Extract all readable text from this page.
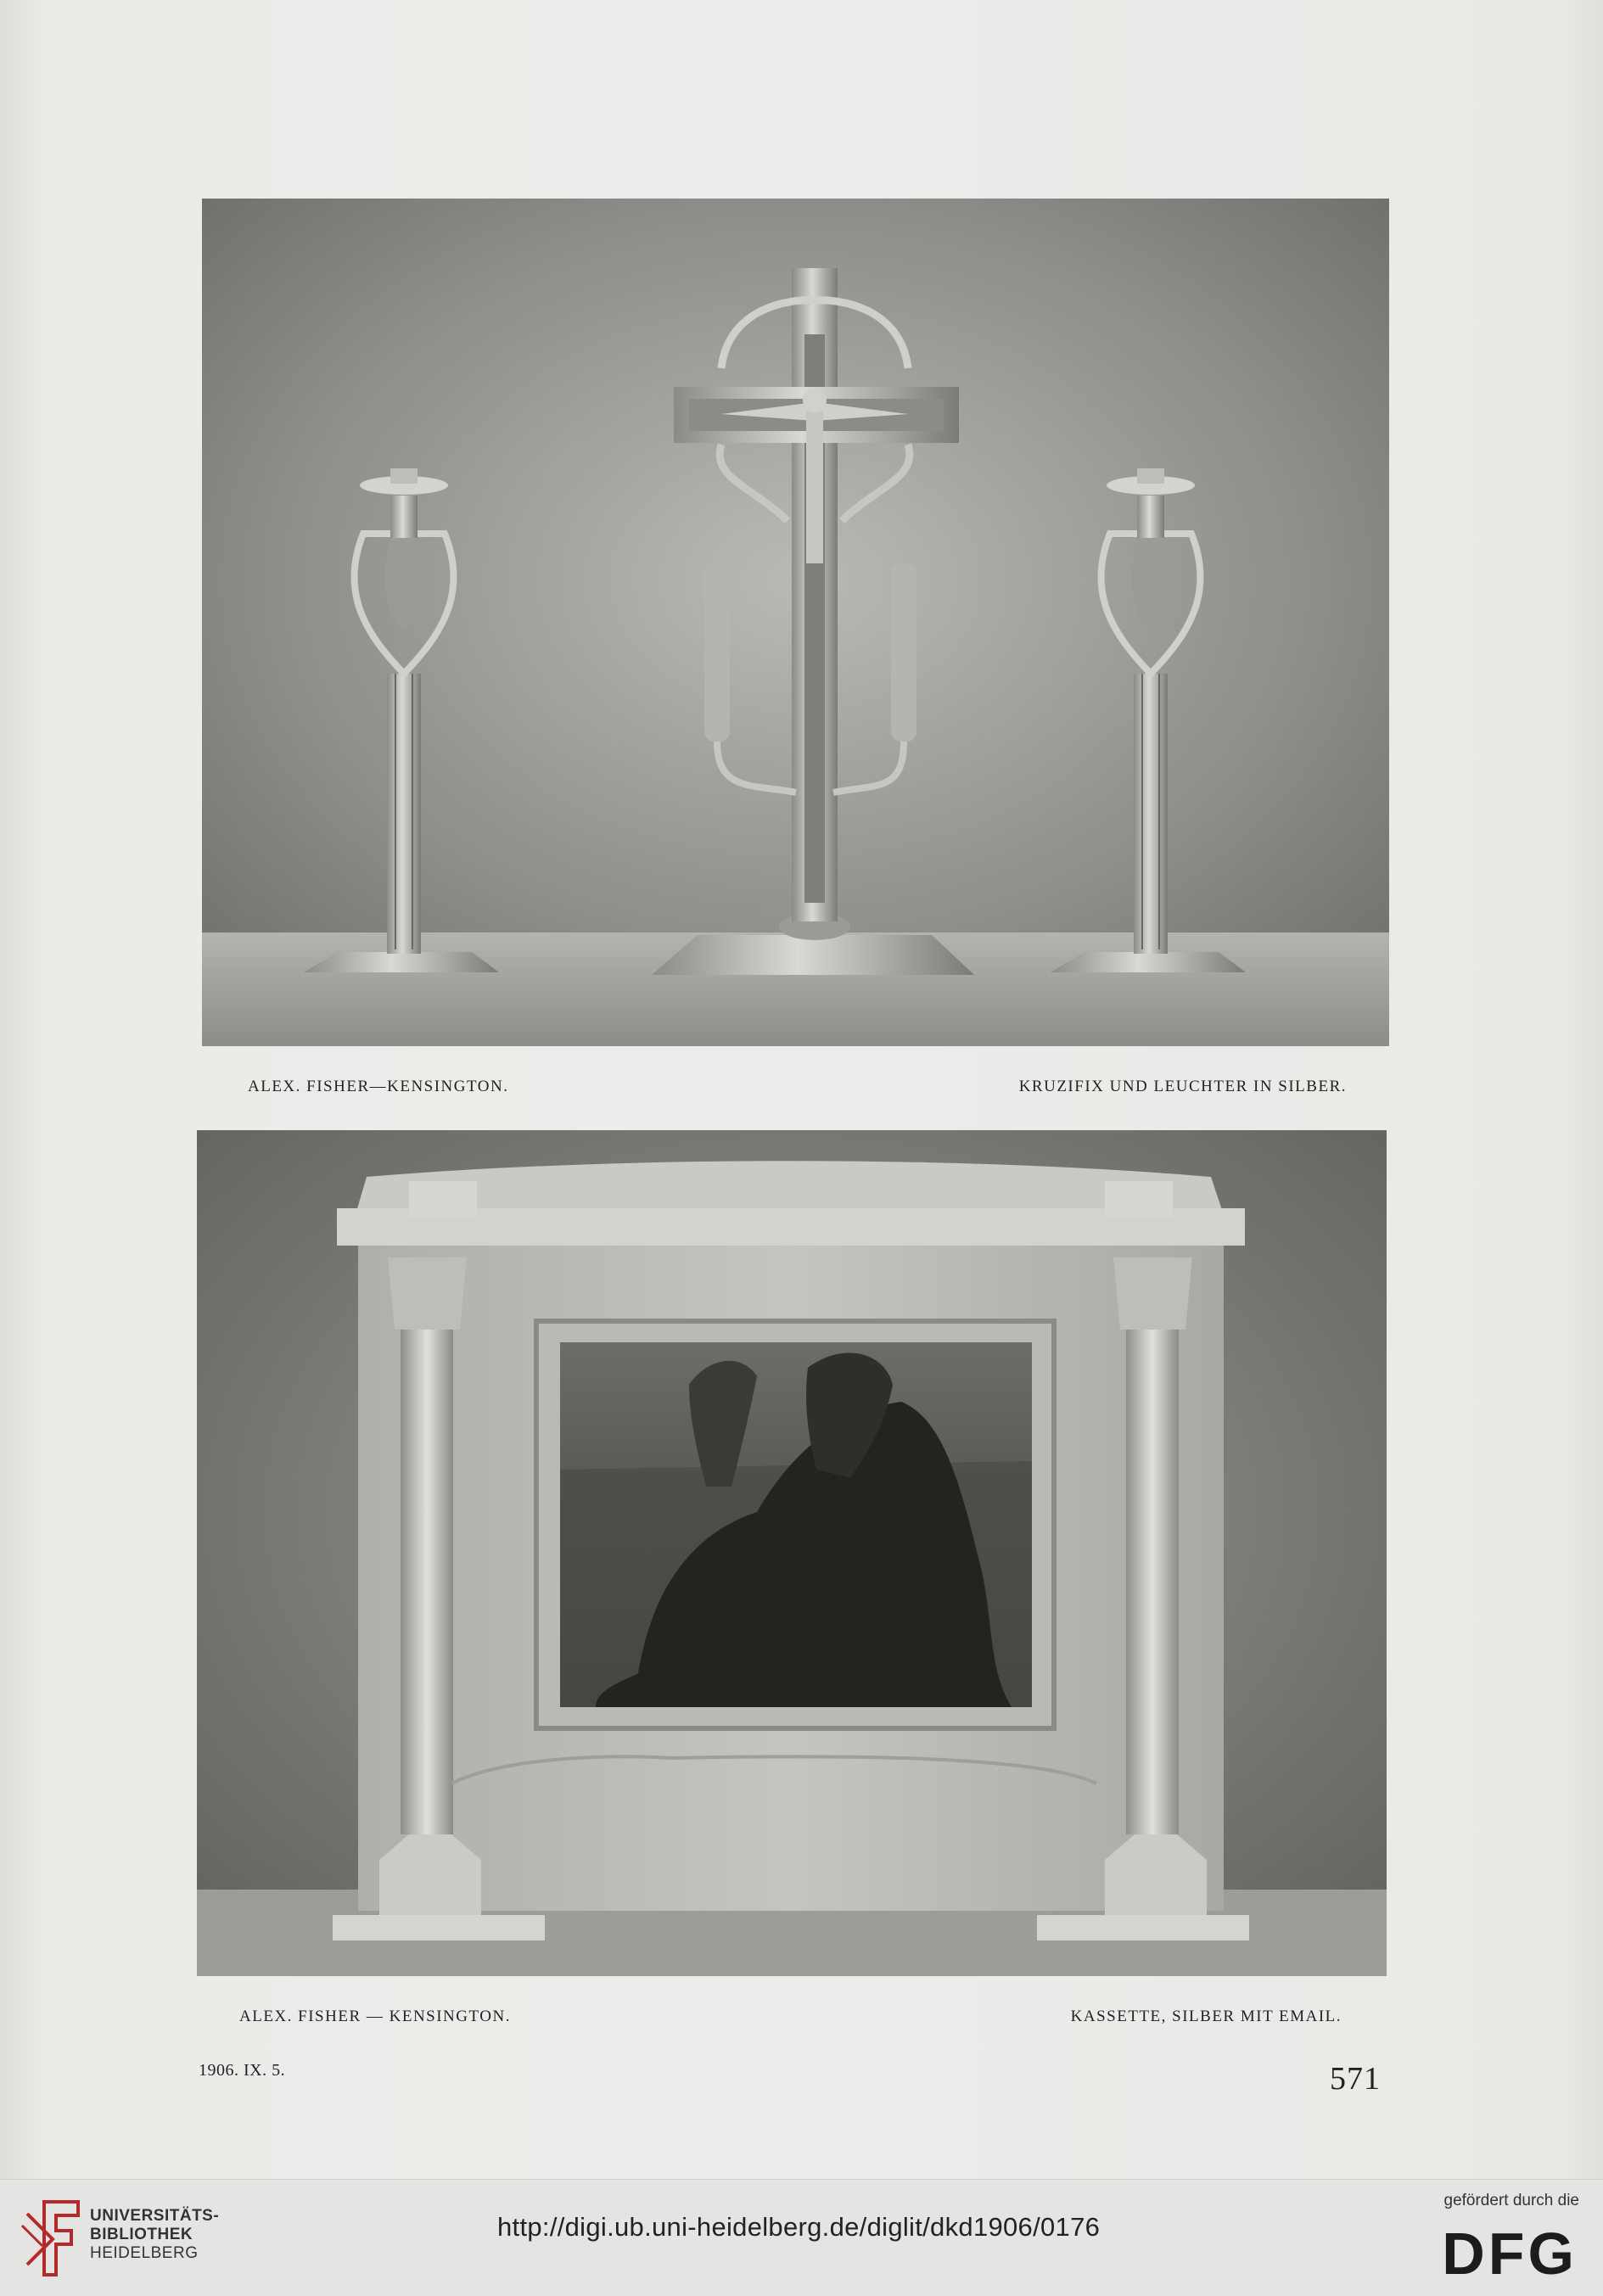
ALEX. FISHER—KENSINGTON.	KRUZIFIX UND LEUCHTER IN SILBER.
ALEX. FISHER — KENSINGTON.	KASSETTE, SILBER MIT EMAIL.
1906. IX. 5.	571
UNIVERSITÄTS-
BIBLIOTHEK
HEIDELBERG
http://digi.ub.uni-heidelberg.de/diglit/dkd1906/0176
gefördert durch die
DFG
